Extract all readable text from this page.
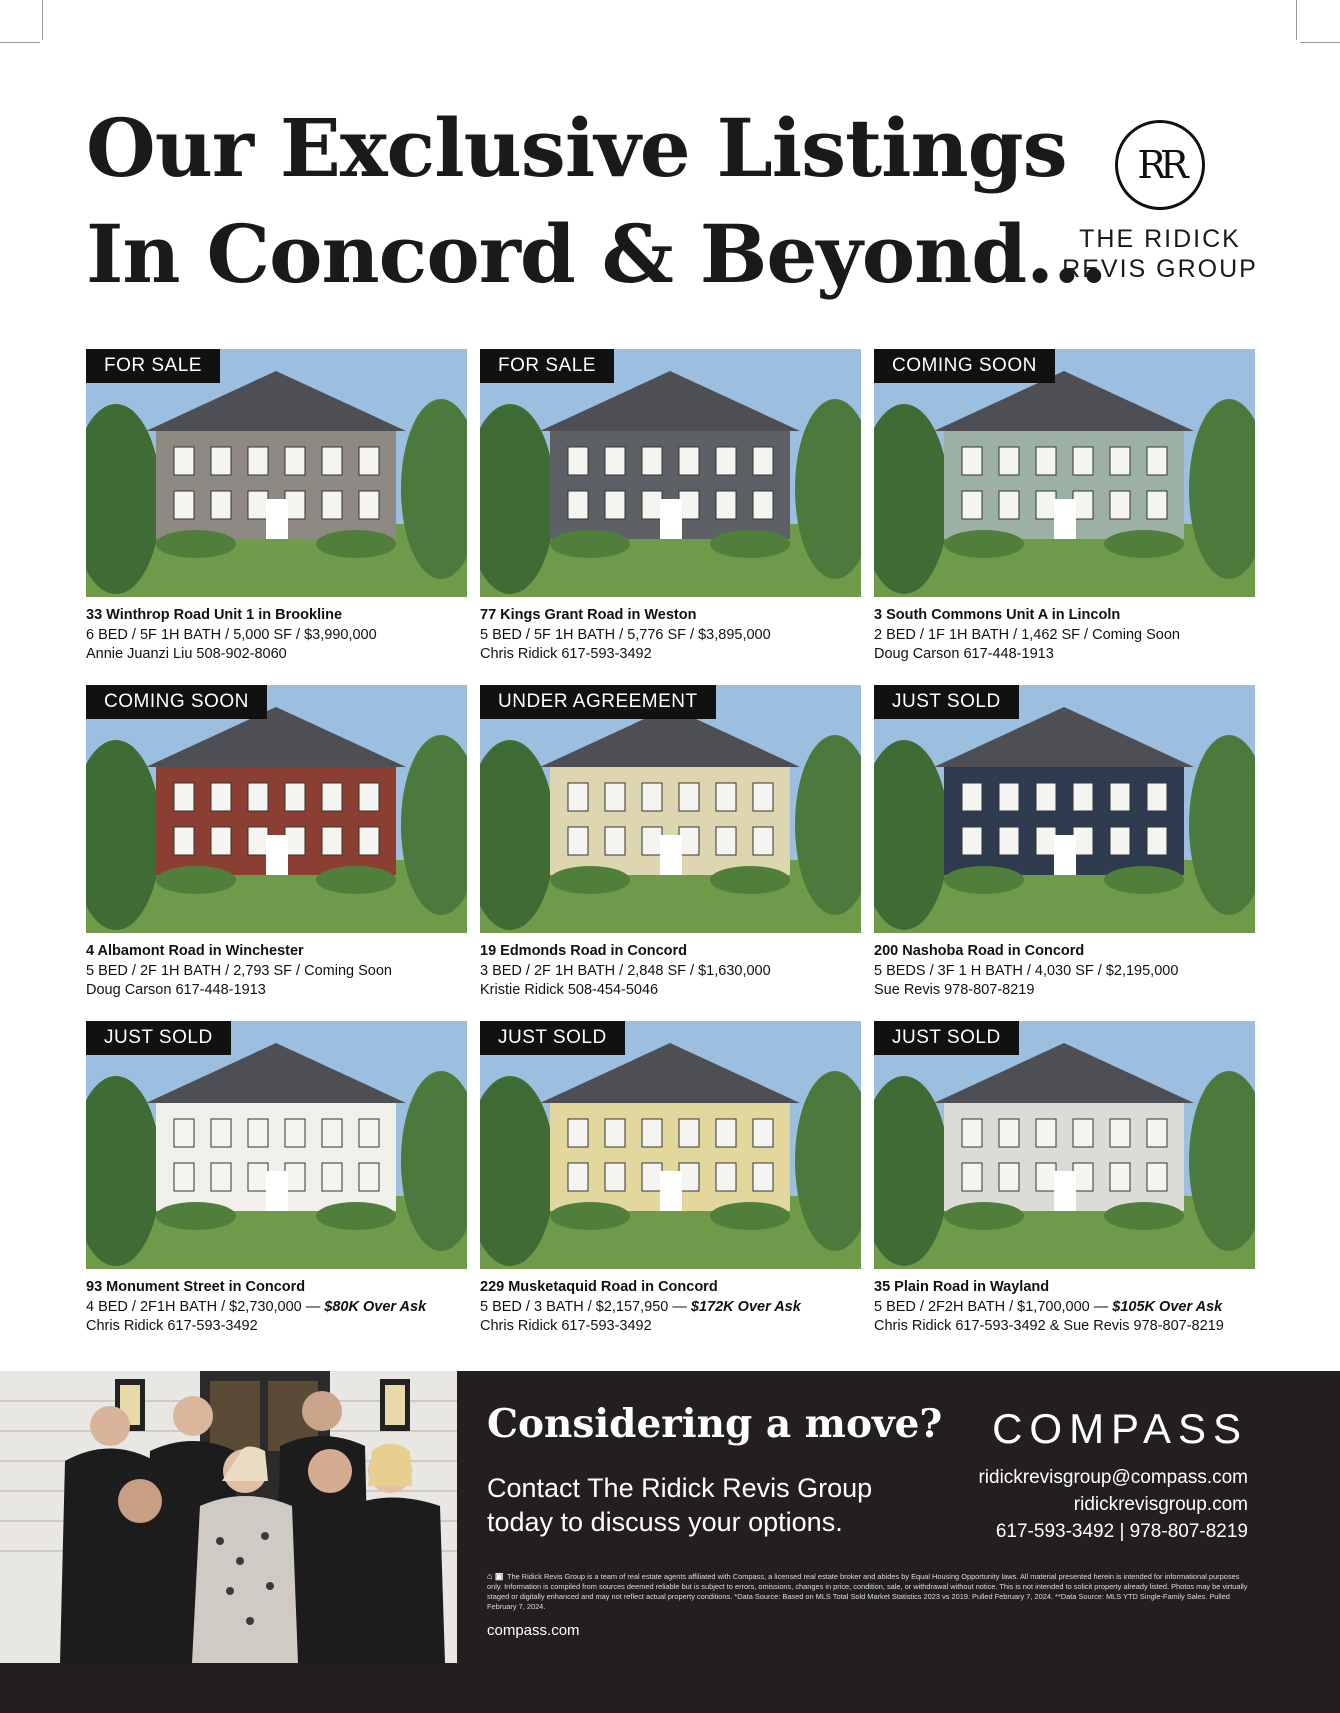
Our Exclusive Listings
In Concord & Beyond...
RR
THE RIDICK
REVIS GROUP
FOR SALE
33 Winthrop Road Unit 1 in Brookline
6 BED / 5F 1H BATH / 5,000 SF / $3,990,000
Annie Juanzi Liu 508-902-8060
FOR SALE
77 Kings Grant Road in Weston
5 BED / 5F 1H BATH / 5,776 SF / $3,895,000
Chris Ridick 617-593-3492
COMING SOON
3 South Commons Unit A in Lincoln
2 BED / 1F 1H BATH / 1,462 SF / Coming Soon
Doug Carson 617-448-1913
COMING SOON
4 Albamont Road in Winchester
5 BED / 2F 1H BATH / 2,793 SF / Coming Soon
Doug Carson 617-448-1913
UNDER AGREEMENT
19 Edmonds Road in Concord
3 BED / 2F 1H BATH / 2,848 SF / $1,630,000
Kristie Ridick 508-454-5046
JUST SOLD
200 Nashoba Road in Concord
5 BEDS / 3F 1 H BATH / 4,030 SF / $2,195,000
Sue Revis 978-807-8219
JUST SOLD
93 Monument Street in Concord
4 BED / 2F1H BATH / $2,730,000 — $80K Over Ask
Chris Ridick 617-593-3492
JUST SOLD
229 Musketaquid Road in Concord
5 BED / 3 BATH / $2,157,950 — $172K Over Ask
Chris Ridick 617-593-3492
JUST SOLD
35 Plain Road in Wayland
5 BED / 2F2H BATH / $1,700,000 — $105K Over Ask
Chris Ridick 617-593-3492 & Sue Revis 978-807-8219
Considering a move?
Contact The Ridick Revis Group today to discuss your options.
COMPASS
ridickrevisgroup@compass.com
ridickrevisgroup.com
617-593-3492 | 978-807-8219
⌂ ▣ The Ridick Revis Group is a team of real estate agents affiliated with Compass, a licensed real estate broker and abides by Equal Housing Opportunity laws. All material presented herein is intended for informational purposes only. Information is compiled from sources deemed reliable but is subject to errors, omissions, changes in price, condition, sale, or withdrawal without notice. This is not intended to solicit property already listed. Photos may be virtually staged or digitally enhanced and may not reflect actual property conditions. *Data Source: Based on MLS Total Sold Market Statistics 2023 vs 2019. Pulled February 7, 2024. **Data Source: MLS YTD Single-Family Sales. Pulled February 7, 2024.
compass.com
